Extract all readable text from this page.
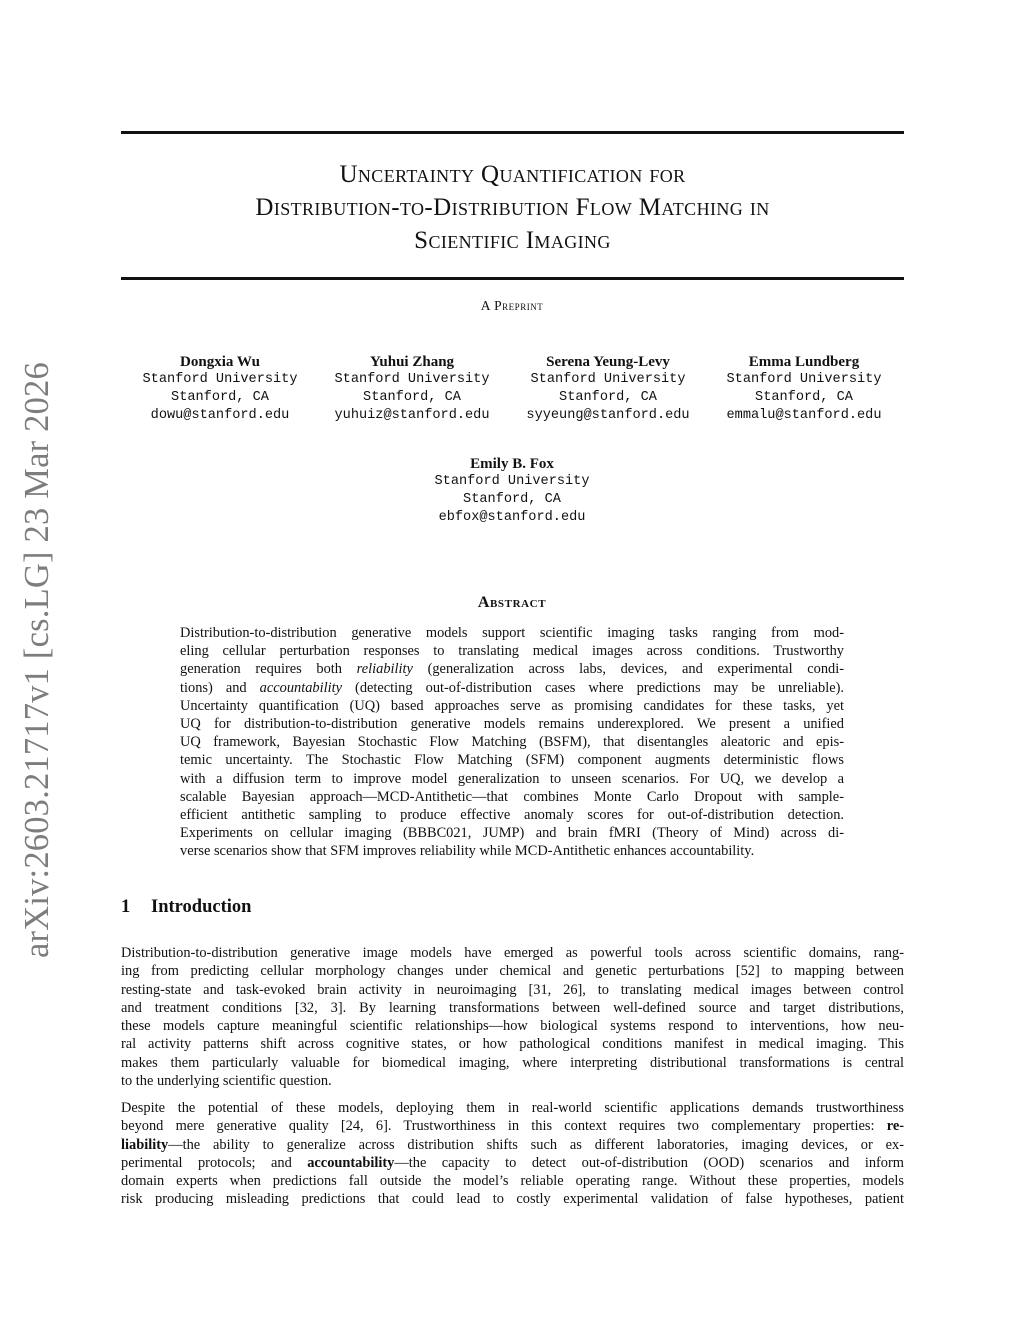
arXiv:2603.21717v1 [cs.LG] 23 Mar 2026
Uncertainty Quantification for
Distribution-to-Distribution Flow Matching in
Scientific Imaging
A Preprint
Dongxia Wu
Stanford University
Stanford, CA
dowu@stanford.edu
Yuhui Zhang
Stanford University
Stanford, CA
yuhuiz@stanford.edu
Serena Yeung-Levy
Stanford University
Stanford, CA
syyeung@stanford.edu
Emma Lundberg
Stanford University
Stanford, CA
emmalu@stanford.edu
Emily B. Fox
Stanford University
Stanford, CA
ebfox@stanford.edu
Abstract
Distribution-to-distribution generative models support scientific imaging tasks ranging from mod-
eling cellular perturbation responses to translating medical images across conditions. Trustworthy
generation requires both reliability (generalization across labs, devices, and experimental condi-
tions) and accountability (detecting out-of-distribution cases where predictions may be unreliable).
Uncertainty quantification (UQ) based approaches serve as promising candidates for these tasks, yet
UQ for distribution-to-distribution generative models remains underexplored. We present a unified
UQ framework, Bayesian Stochastic Flow Matching (BSFM), that disentangles aleatoric and epis-
temic uncertainty. The Stochastic Flow Matching (SFM) component augments deterministic flows
with a diffusion term to improve model generalization to unseen scenarios. For UQ, we develop a
scalable Bayesian approach—MCD-Antithetic—that combines Monte Carlo Dropout with sample-
efficient antithetic sampling to produce effective anomaly scores for out-of-distribution detection.
Experiments on cellular imaging (BBBC021, JUMP) and brain fMRI (Theory of Mind) across di-
verse scenarios show that SFM improves reliability while MCD-Antithetic enhances accountability.
1 Introduction
Distribution-to-distribution generative image models have emerged as powerful tools across scientific domains, rang-
ing from predicting cellular morphology changes under chemical and genetic perturbations [52] to mapping between
resting-state and task-evoked brain activity in neuroimaging [31, 26], to translating medical images between control
and treatment conditions [32, 3]. By learning transformations between well-defined source and target distributions,
these models capture meaningful scientific relationships—how biological systems respond to interventions, how neu-
ral activity patterns shift across cognitive states, or how pathological conditions manifest in medical imaging. This
makes them particularly valuable for biomedical imaging, where interpreting distributional transformations is central
to the underlying scientific question.
Despite the potential of these models, deploying them in real-world scientific applications demands trustworthiness
beyond mere generative quality [24, 6]. Trustworthiness in this context requires two complementary properties: re-
liability—the ability to generalize across distribution shifts such as different laboratories, imaging devices, or ex-
perimental protocols; and accountability—the capacity to detect out-of-distribution (OOD) scenarios and inform
domain experts when predictions fall outside the model’s reliable operating range. Without these properties, models
risk producing misleading predictions that could lead to costly experimental validation of false hypotheses, patient
